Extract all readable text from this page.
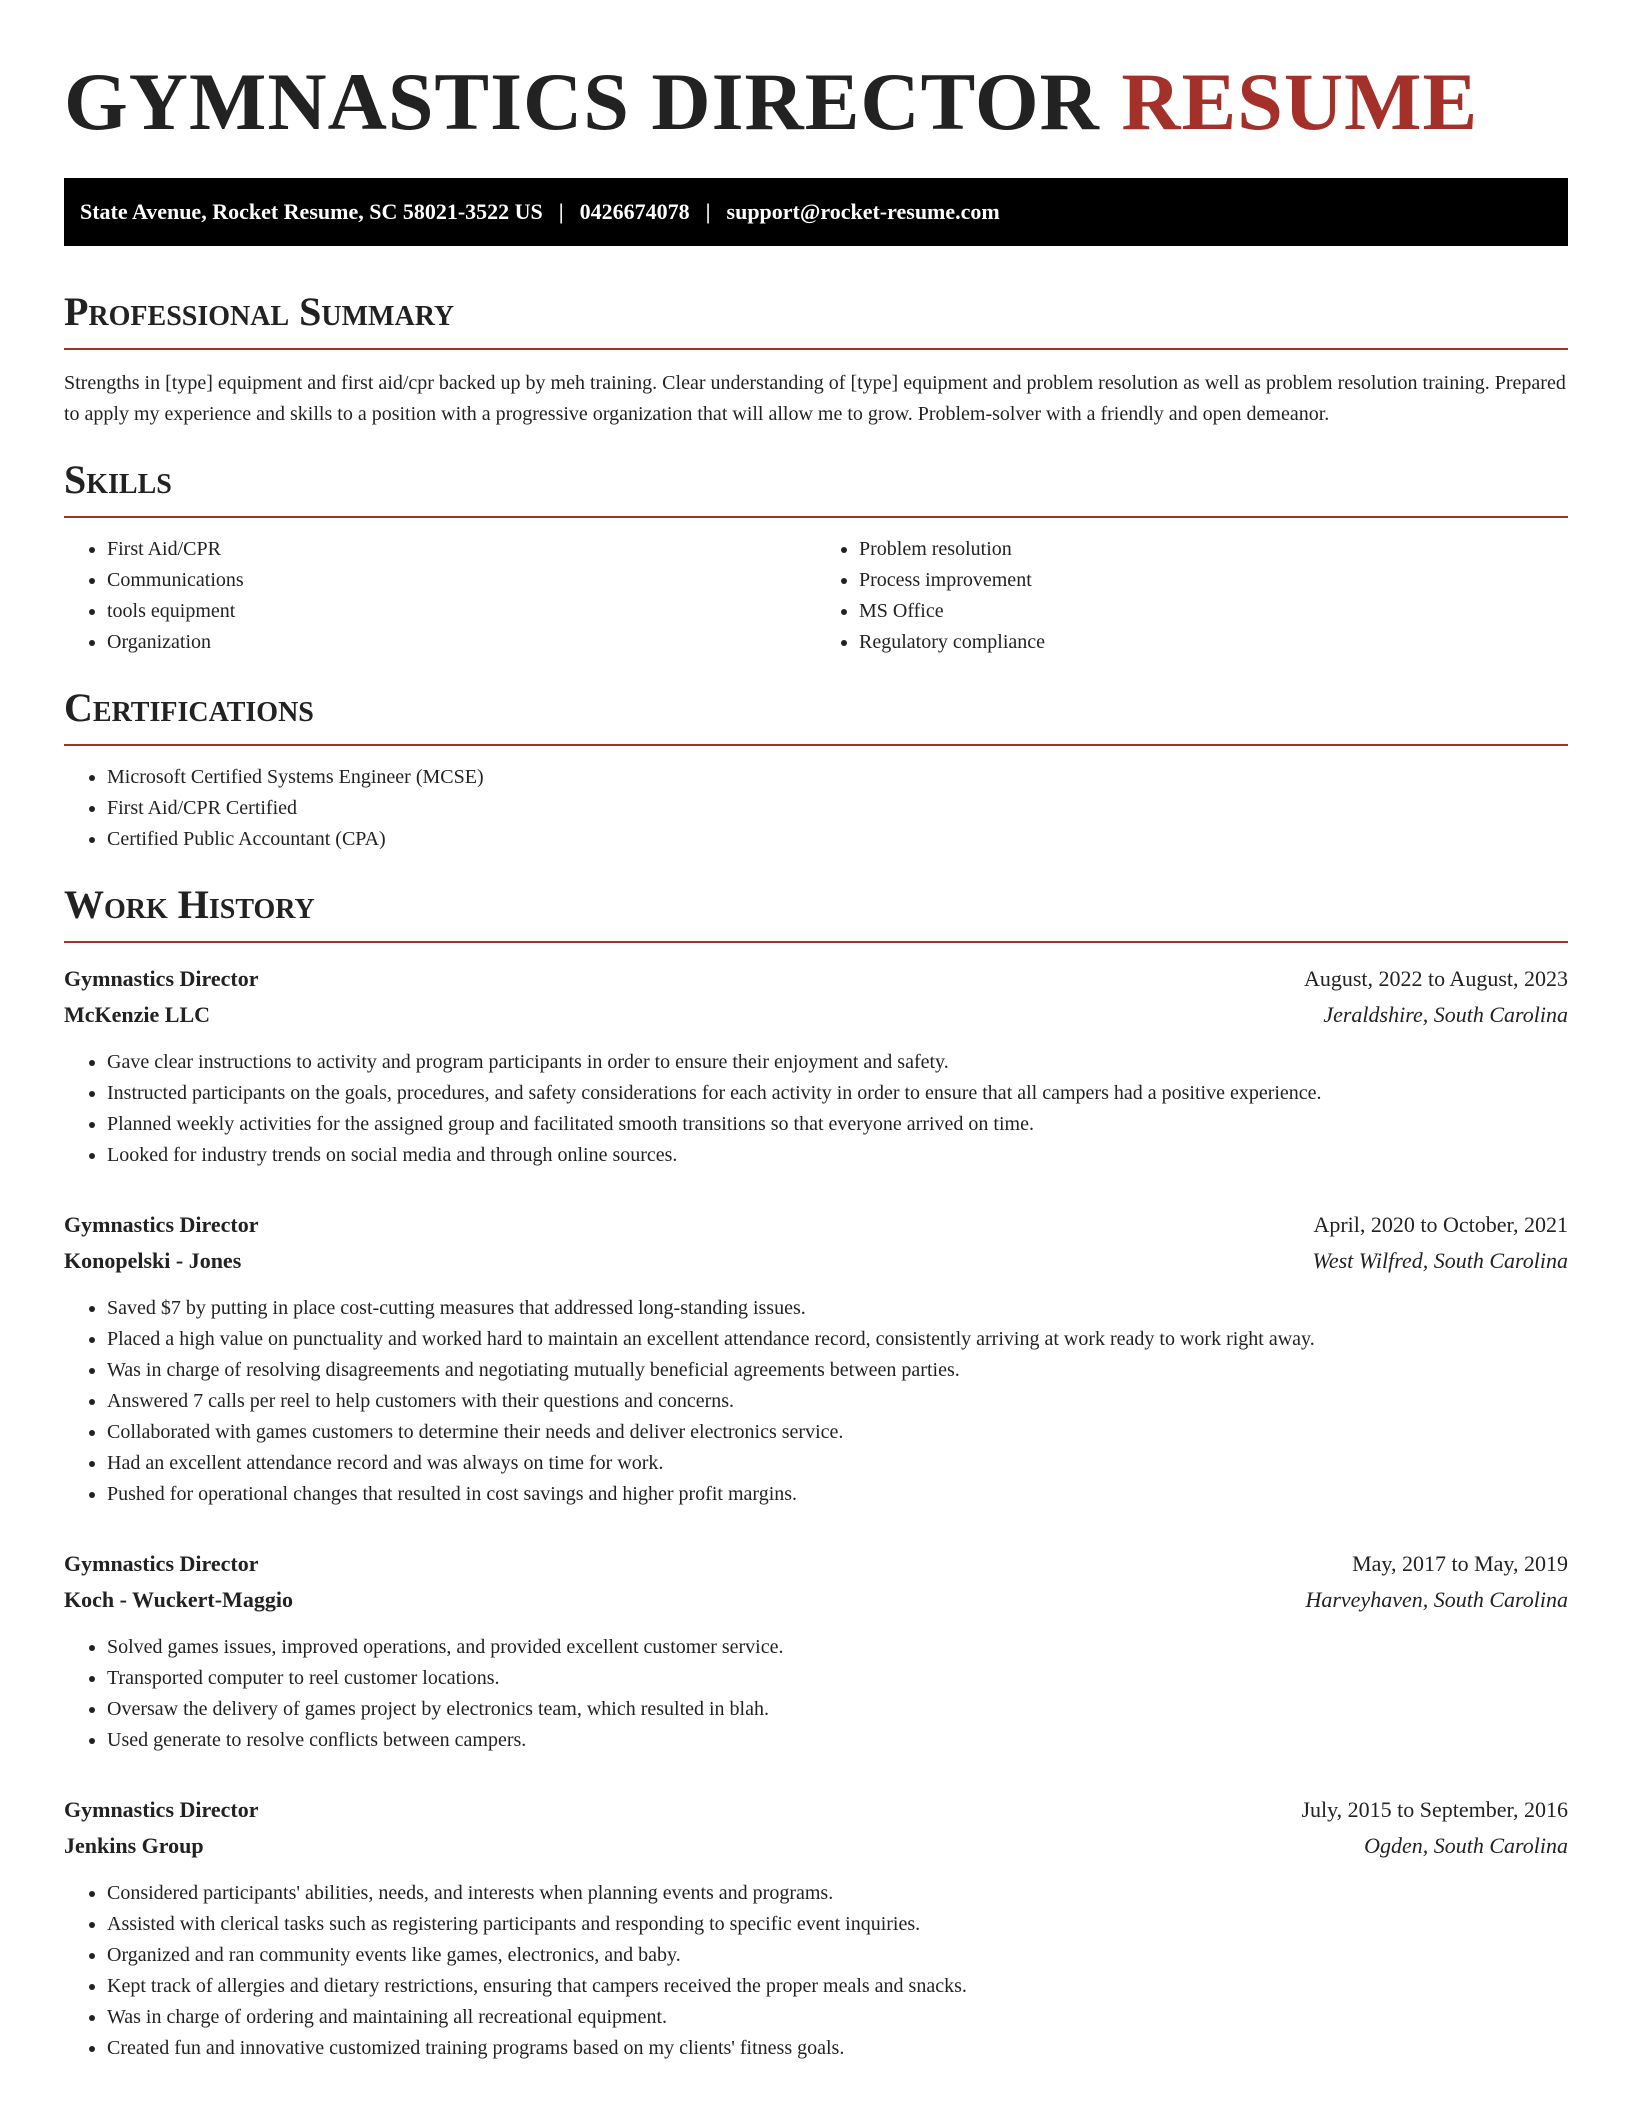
GYMNASTICS DIRECTOR RESUME
State Avenue, Rocket Resume, SC 58021-3522 US | 0426674078 | support@rocket-resume.com
Professional Summary

Strengths in [type] equipment and first aid/cpr backed up by meh training. Clear understanding of [type] equipment and problem resolution as well as problem resolution training. Prepared to apply my experience and skills to a position with a progressive organization that will allow me to grow. Problem-solver with a friendly and open demeanor.

Skills
• First Aid/CPR
• Communications
• tools equipment
• Organization
• Problem resolution
• Process improvement
• MS Office
• Regulatory compliance
Certifications
• Microsoft Certified Systems Engineer (MCSE)
• First Aid/CPR Certified
• Certified Public Accountant (CPA)
Work History
Gymnastics Director	August, 2022 to August, 2023
McKenzie LLC	Jeraldshire, South Carolina
• Gave clear instructions to activity and program participants in order to ensure their enjoyment and safety.
• Instructed participants on the goals, procedures, and safety considerations for each activity in order to ensure that all campers had a positive experience.
• Planned weekly activities for the assigned group and facilitated smooth transitions so that everyone arrived on time.
• Looked for industry trends on social media and through online sources.
Gymnastics Director	April, 2020 to October, 2021
Konopelski - Jones	West Wilfred, South Carolina
• Saved $7 by putting in place cost-cutting measures that addressed long-standing issues.
• Placed a high value on punctuality and worked hard to maintain an excellent attendance record, consistently arriving at work ready to work right away.
• Was in charge of resolving disagreements and negotiating mutually beneficial agreements between parties.
• Answered 7 calls per reel to help customers with their questions and concerns.
• Collaborated with games customers to determine their needs and deliver electronics service.
• Had an excellent attendance record and was always on time for work.
• Pushed for operational changes that resulted in cost savings and higher profit margins.
Gymnastics Director	May, 2017 to May, 2019
Koch - Wuckert-Maggio	Harveyhaven, South Carolina
• Solved games issues, improved operations, and provided excellent customer service.
• Transported computer to reel customer locations.
• Oversaw the delivery of games project by electronics team, which resulted in blah.
• Used generate to resolve conflicts between campers.
Gymnastics Director	July, 2015 to September, 2016
Jenkins Group	Ogden, South Carolina
• Considered participants' abilities, needs, and interests when planning events and programs.
• Assisted with clerical tasks such as registering participants and responding to specific event inquiries.
• Organized and ran community events like games, electronics, and baby.
• Kept track of allergies and dietary restrictions, ensuring that campers received the proper meals and snacks.
• Was in charge of ordering and maintaining all recreational equipment.
• Created fun and innovative customized training programs based on my clients' fitness goals.
